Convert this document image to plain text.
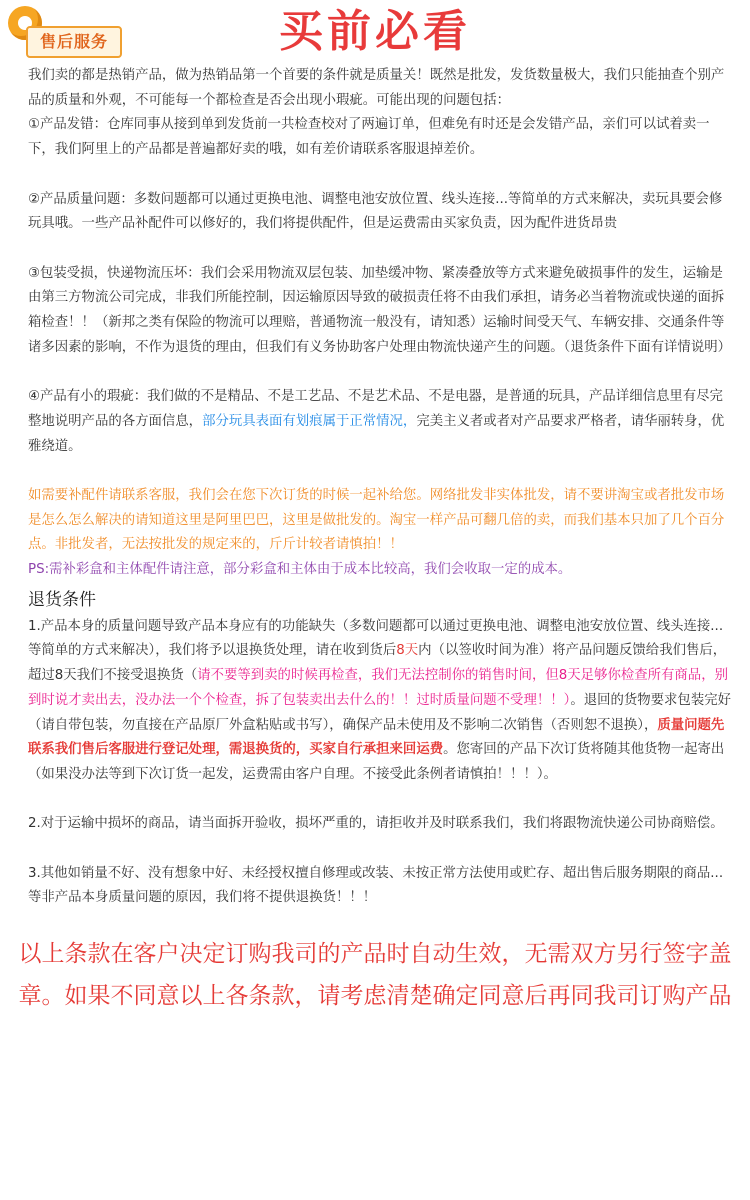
售后服务	买前必看

我们卖的都是热销产品，做为热销品第一个首要的条件就是质量关！既然是批发，发货数量极大，我们只能抽查个别产品的质量和外观，不可能每一个都检查是否会出现小瑕疵。可能出现的问题包括：

①产品发错：仓库同事从接到单到发货前一共检查校对了两遍订单，但难免有时还是会发错产品，亲们可以试着卖一下，我们阿里上的产品都是普遍都好卖的哦，如有差价请联系客服退掉差价。

②产品质量问题：多数问题都可以通过更换电池、调整电池安放位置、线头连接...等简单的方式来解决，卖玩具要会修玩具哦。一些产品补配件可以修好的，我们将提供配件，但是运费需由买家负责，因为配件进货昂贵

③包装受损，快递物流压坏：我们会采用物流双层包装、加垫缓冲物、紧凑叠放等方式来避免破损事件的发生，运输是由第三方物流公司完成，非我们所能控制，因运输原因导致的破损责任将不由我们承担，请务必当着物流或快递的面拆箱检查！！（新邦之类有保险的物流可以理赔，普通物流一般没有，请知悉）运输时间受天气、车辆安排、交通条件等诸多因素的影响，不作为退货的理由，但我们有义务协助客户处理由物流快递产生的问题。（退货条件下面有详情说明）

④产品有小的瑕疵：我们做的不是精品、不是工艺品、不是艺术品、不是电器，是普通的玩具，产品详细信息里有尽完整地说明产品的各方面信息，部分玩具表面有划痕属于正常情况，完美主义者或者对产品要求严格者，请华丽转身，优雅绕道。

如需要补配件请联系客服，我们会在您下次订货的时候一起补给您。网络批发非实体批发，请不要讲淘宝或者批发市场是怎么怎么解决的请知道这里是阿里巴巴，这里是做批发的。淘宝一样产品可翻几倍的卖，而我们基本只加了几个百分点。非批发者，无法按批发的规定来的，斤斤计较者请慎拍！！

PS:需补彩盒和主体配件请注意，部分彩盒和主体由于成本比较高，我们会收取一定的成本。

退货条件

1.产品本身的质量问题导致产品本身应有的功能缺失（多数问题都可以通过更换电池、调整电池安放位置、线头连接...等简单的方式来解决），我们将予以退换货处理，请在收到货后8天内（以签收时间为准）将产品问题反馈给我们售后，超过8天我们不接受退换货（请不要等到卖的时候再检查，我们无法控制你的销售时间，但8天足够你检查所有商品，别到时说才卖出去，没办法一个个检查，拆了包装卖出去什么的！！过时质量问题不受理！！）。退回的货物要求包装完好（请自带包装，勿直接在产品原厂外盒粘贴或书写），确保产品未使用及不影响二次销售（否则恕不退换），质量问题先联系我们售后客服进行登记处理，需退换货的，买家自行承担来回运费。您寄回的产品下次订货将随其他货物一起寄出（如果没办法等到下次订货一起发，运费需由客户自理。不接受此条例者请慎拍！！！）。

2.对于运输中损坏的商品，请当面拆开验收，损坏严重的，请拒收并及时联系我们，我们将跟物流快递公司协商赔偿。

3.其他如销量不好、没有想象中好、未经授权擅自修理或改装、未按正常方法使用或贮存、超出售后服务期限的商品...等非产品本身质量问题的原因，我们将不提供退换货！！！

以上条款在客户决定订购我司的产品时自动生效，无需双方另行签字盖章。如果不同意以上各条款，请考虑清楚确定同意后再同我司订购产品
